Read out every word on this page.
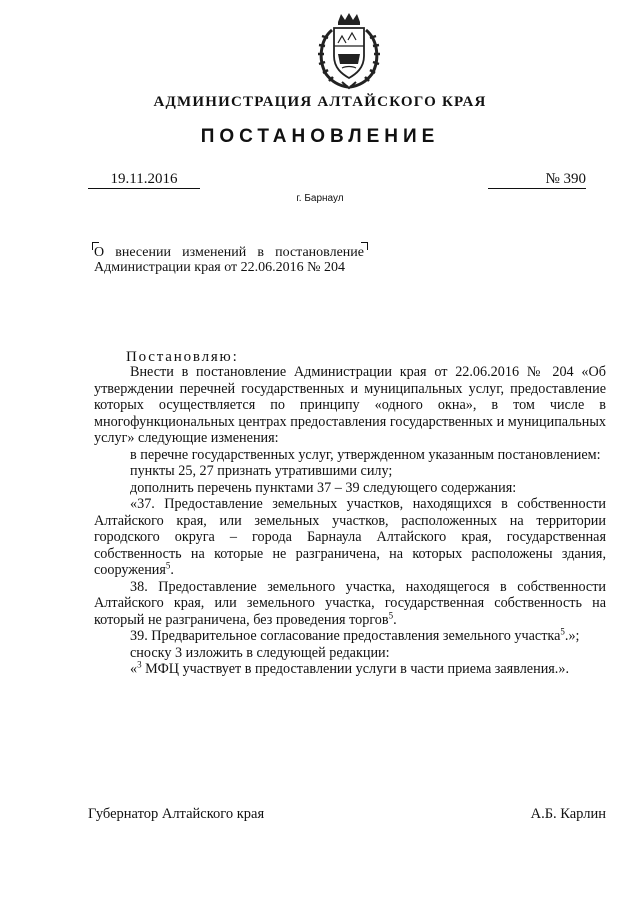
АДМИНИСТРАЦИЯ АЛТАЙСКОГО КРАЯ
ПОСТАНОВЛЕНИЕ
19.11.2016	№ 390
г. Барнаул
О внесении изменений в постановление Администрации края от 22.06.2016 № 204
Постановляю:

Внести в постановление Администрации края от 22.06.2016 № 204 «Об утверждении перечней государственных и муниципальных услуг, предоставление которых осуществляется по принципу «одного окна», в том числе в многофункциональных центрах предоставления государственных и муниципальных услуг» следующие изменения:

в перечне государственных услуг, утвержденном указанным постановлением:

пункты 25, 27 признать утратившими силу;

дополнить перечень пунктами 37 – 39 следующего содержания:

«37. Предоставление земельных участков, находящихся в собственности Алтайского края, или земельных участков, расположенных на территории городского округа – города Барнаула Алтайского края, государственная собственность на которые не разграничена, на которых расположены здания, сооружения$^5$.

38. Предоставление земельного участка, находящегося в собственности Алтайского края, или земельного участка, государственная собственность на который не разграничена, без проведения торгов$^5$.

39. Предварительное согласование предоставления земельного участка$^5$.»;

сноску 3 изложить в следующей редакции:

«$^3$ МФЦ участвует в предоставлении услуги в части приема заявления.».

Губернатор Алтайского края	А.Б. Карлин
